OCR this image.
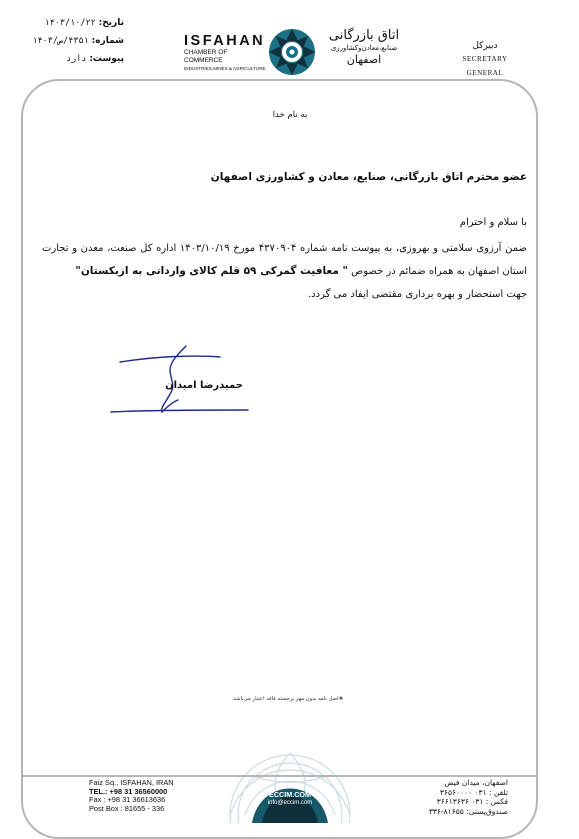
تاریخ: ۱۴۰۳/۱۰/۲۲
شماره: ۴۳۵۱/ص/۱۴۰۳
پیوست: دارد
ISFAHAN
CHAMBER OF COMMERCE
INDUSTRIES,MINES & AGRICULTURE
اتاق بازرگانی
صنایع،معادن‌وکشاورزی
اصفهان
دبیرکل
SECRETARY GENERAL
به نام خدا
عضو محترم اتاق بازرگانی، صنایع، معادن و کشاورزی اصفهان
با سلام و احترام
ضمن آرزوی سلامتی و بهروزی، به پیوست نامه شماره ۴۳۷۰۹۰۴ مورخ ۱۴۰۳/۱۰/۱۹ اداره کل صنعت، معدن و تجارت استان اصفهان به همراه ضمائم در خصوص " معافیت گمرکی ۵۹ قلم کالای وارداتی به ازبکستان"
جهت استحضار و بهره برداری مقتضی ایفاد می گردد.
حمیدرضا امیدان
❖اصل نامه بدون مهر برجسته فاقد اعتبار می‌باشد.
Faiz Sq., ISFAHAN, IRAN
TEL.: +98 31 36560000
Fax : +98 31 36613636
Post Box : 81655 - 336
ECCIM.COM
info@eccim.com
اصفهان، میدان فیض
تلفن : ۰۳۱ ۳۶۵۶۰۰۰۰
فکس : ۰۳۱ ۳۶۶۱۳۶۳۶
صندوق‌پستی: ۸۱۶۵۵-۳۳۶
